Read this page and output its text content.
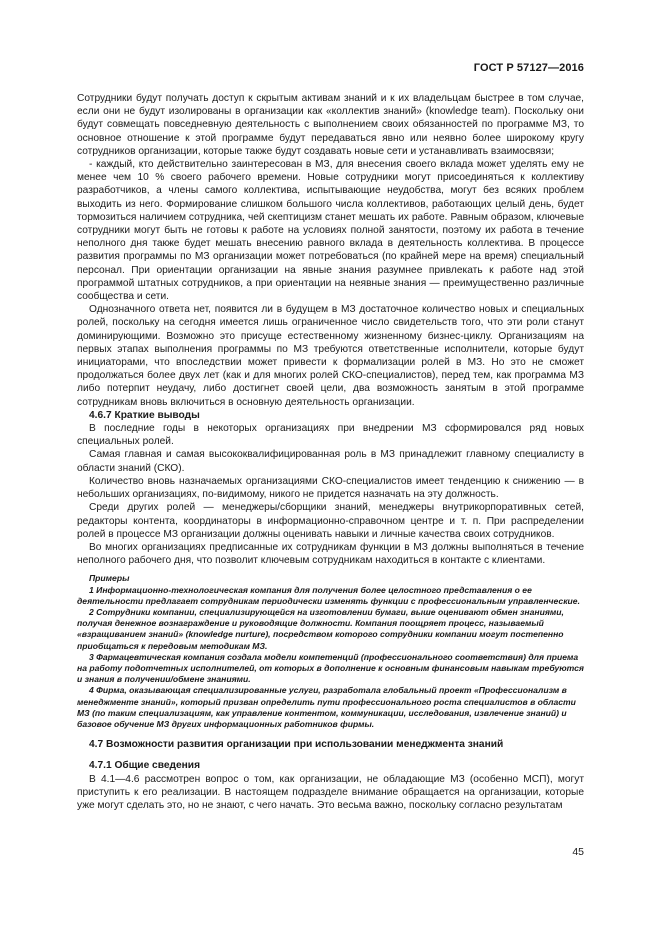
ГОСТ Р 57127—2016

Сотрудники будут получать доступ к скрытым активам знаний и к их владельцам быстрее в том случае, если они не будут изолированы в организации как «коллектив знаний» (knowledge team). Поскольку они будут совмещать повседневную деятельность с выполнением своих обязанностей по программе МЗ, то основное отношение к этой программе будут передаваться явно или неявно более широкому кругу сотрудников организации, которые также будут создавать новые сети и устанавливать взаимосвязи;

- каждый, кто действительно заинтересован в МЗ, для внесения своего вклада может уделять ему не менее чем 10 % своего рабочего времени. Новые сотрудники могут присоединяться к коллективу разработчиков, а члены самого коллектива, испытывающие неудобства, могут без всяких проблем выходить из него. Формирование слишком большого числа коллективов, работающих целый день, будет тормозиться наличием сотрудника, чей скептицизм станет мешать их работе. Равным образом, ключевые сотрудники могут быть не готовы к работе на условиях полной занятости, поэтому их работа в течение неполного дня также будет мешать внесению равного вклада в деятельность коллектива. В процессе развития программы по МЗ организации может потребоваться (по крайней мере на время) специальный персонал. При ориентации организации на явные знания разумнее привлекать к работе над этой программой штатных сотрудников, а при ориентации на неявные знания — преимущественно различные сообщества и сети.

Однозначного ответа нет, появится ли в будущем в МЗ достаточное количество новых и специальных ролей, поскольку на сегодня имеется лишь ограниченное число свидетельств того, что эти роли станут доминирующими. Возможно это присуще естественному жизненному бизнес-циклу. Организациям на первых этапах выполнения программы по МЗ требуются ответственные исполнители, которые будут инициаторами, что впоследствии может привести к формализации ролей в МЗ. Но это не сможет продолжаться более двух лет (как и для многих ролей СКО-специалистов), перед тем, как программа МЗ либо потерпит неудачу, либо достигнет своей цели, два возможность занятым в этой программе сотрудникам вновь включиться в основную деятельность организации.

4.6.7 Краткие выводы

В последние годы в некоторых организациях при внедрении МЗ сформировался ряд новых специальных ролей.

Самая главная и самая высококвалифицированная роль в МЗ принадлежит главному специалисту в области знаний (СКО).

Количество вновь назначаемых организациями СКО-специалистов имеет тенденцию к снижению — в небольших организациях, по-видимому, никого не придется назначать на эту должность.

Среди других ролей — менеджеры/сборщики знаний, менеджеры внутрикорпоративных сетей, редакторы контента, координаторы в информационно-справочном центре и т. п. При распределении ролей в процессе МЗ организации должны оценивать навыки и личные качества своих сотрудников.

Во многих организациях предписанные их сотрудникам функции в МЗ должны выполняться в течение неполного рабочего дня, что позволит ключевым сотрудникам находиться в контакте с клиентами.

Примеры
1 Информационно-технологическая компания для получения более целостного представления о ее деятельности предлагает сотрудникам периодически изменять функции с профессиональным управленческие.
2 Сотрудники компании, специализирующейся на изготовлении бумаги, выше оценивают обмен знаниями, получая денежное вознаграждение и руководящие должности. Компания поощряет процесс, называемый «взращиванием знаний» (knowledge nurture), посредством которого сотрудники компании могут постепенно приобщаться к передовым методикам МЗ.
3 Фармацевтическая компания создала модели компетенций (профессионального соответствия) для приема на работу подотчетных исполнителей, от которых в дополнение к основным финансовым навыкам требуются и знания в получении/обмене знаниями.
4 Фирма, оказывающая специализированные услуги, разработала глобальный проект «Профессионализм в менеджменте знаний», который призван определить пути профессионального роста специалистов в области МЗ (по таким специализациям, как управление контентом, коммуникации, исследования, извлечение знаний) и базовое обучение МЗ других информационных работников фирмы.
4.7 Возможности развития организации при использовании менеджмента знаний
4.7.1 Общие сведения

В 4.1—4.6 рассмотрен вопрос о том, как организации, не обладающие МЗ (особенно МСП), могут приступить к его реализации. В настоящем подразделе внимание обращается на организации, которые уже могут сделать это, но не знают, с чего начать. Это весьма важно, поскольку согласно результатам

45
